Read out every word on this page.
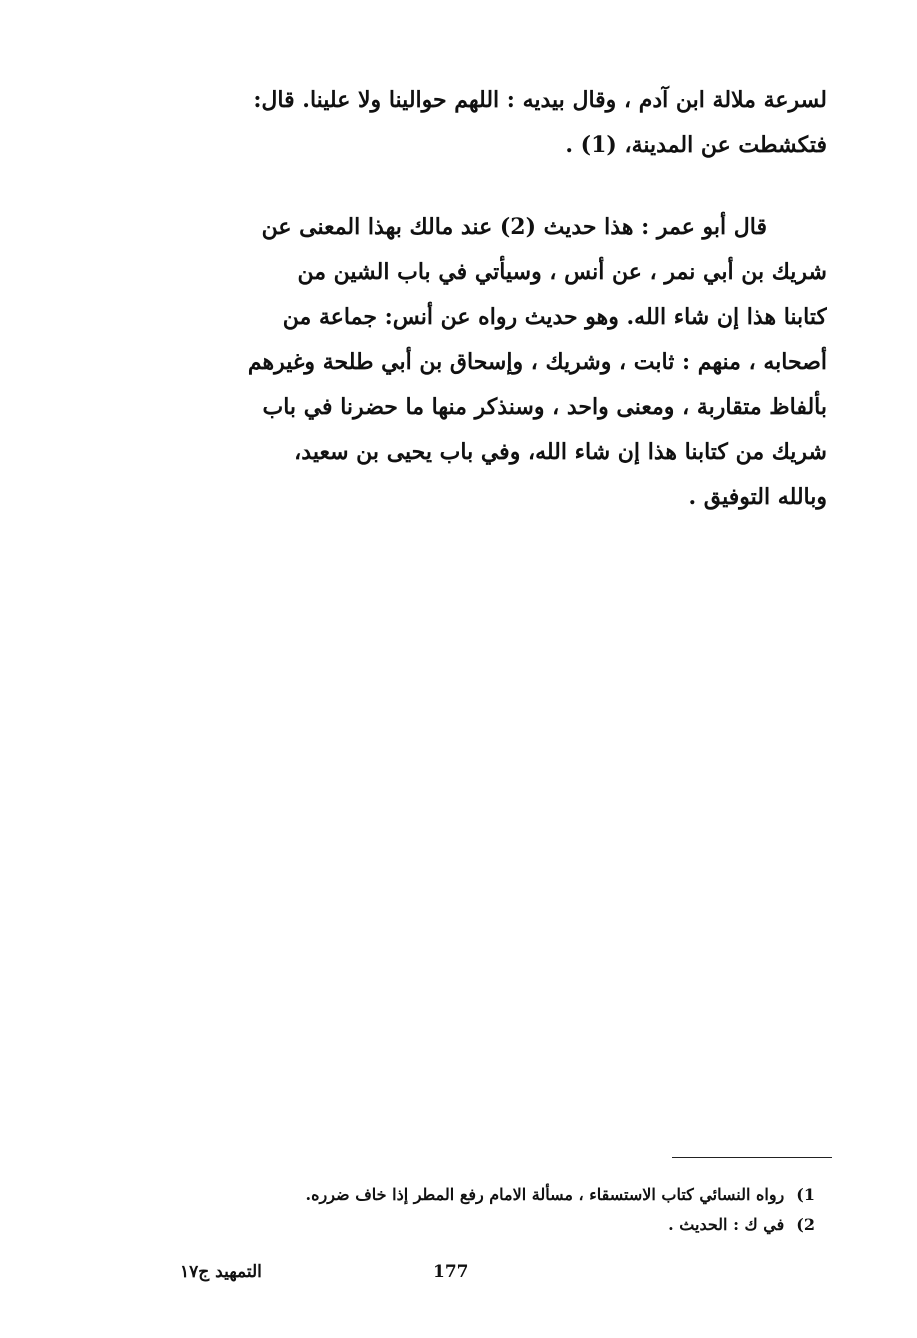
لسرعة ملالة ابن آدم ، وقال بيديه : اللهم حوالينا ولا علينا. قال:
فتكشطت عن المدينة، (1) .
قال أبو عمر : هذا حديث (2) عند مالك بهذا المعنى عن
شريك بن أبي نمر ، عن أنس ، وسيأتي في باب الشين من
كتابنا هذا إن شاء الله. وهو حديث رواه عن أنس: جماعة من
أصحابه ، منهم : ثابت ، وشريك ، وإسحاق بن أبي طلحة وغيرهم
بألفاظ متقاربة ، ومعنى واحد ، وسنذكر منها ما حضرنا في باب
شريك من كتابنا هذا إن شاء الله، وفي باب يحيى بن سعيد،
وبالله التوفيق .
1)رواه النسائي كتاب الاستسقاء ، مسألة الامام رفع المطر إذا خاف ضرره.
2)في ك : الحديث .
التمهيد ج١٧	177
